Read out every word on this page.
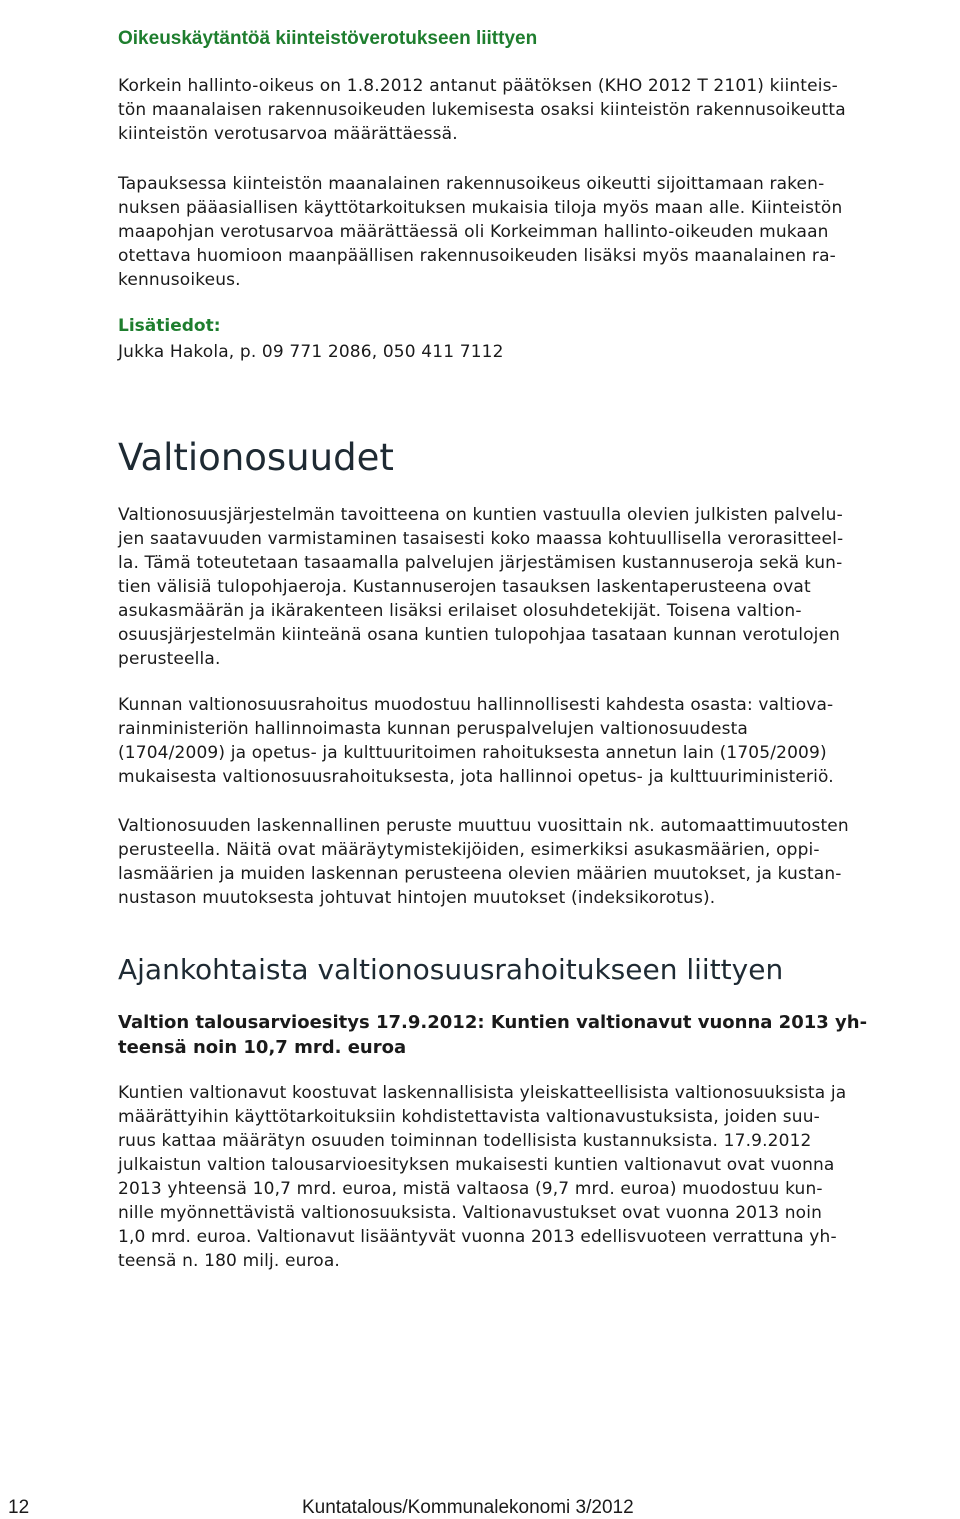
Oikeuskäytäntöä kiinteistöverotukseen liittyen

Korkein hallinto-oikeus on 1.8.2012 antanut päätöksen (KHO 2012 T 2101) kiinteis-
tön maanalaisen rakennusoikeuden lukemisesta osaksi kiinteistön rakennusoikeutta
kiinteistön verotusarvoa määrättäessä.

Tapauksessa kiinteistön maanalainen rakennusoikeus oikeutti sijoittamaan raken-
nuksen pääasiallisen käyttötarkoituksen mukaisia tiloja myös maan alle. Kiinteistön
maapohjan verotusarvoa määrättäessä oli Korkeimman hallinto-oikeuden mukaan
otettava huomioon maanpäällisen rakennusoikeuden lisäksi myös maanalainen ra-
kennusoikeus.

Lisätiedot:

Jukka Hakola, p. 09 771 2086, 050 411 7112

Valtionosuudet

Valtionosuusjärjestelmän tavoitteena on kuntien vastuulla olevien julkisten palvelu-
jen saatavuuden varmistaminen tasaisesti koko maassa kohtuullisella verorasitteel-
la. Tämä toteutetaan tasaamalla palvelujen järjestämisen kustannuseroja sekä kun-
tien välisiä tulopohjaeroja. Kustannuserojen tasauksen laskentaperusteena ovat
asukasmäärän ja ikärakenteen lisäksi erilaiset olosuhdetekijät. Toisena valtion-
osuusjärjestelmän kiinteänä osana kuntien tulopohjaa tasataan kunnan verotulojen
perusteella.

Kunnan valtionosuusrahoitus muodostuu hallinnollisesti kahdesta osasta: valtiova-
rainministeriön hallinnoimasta kunnan peruspalvelujen valtionosuudesta
(1704/2009) ja opetus- ja kulttuuritoimen rahoituksesta annetun lain (1705/2009)
mukaisesta valtionosuusrahoituksesta, jota hallinnoi opetus- ja kulttuuriministeriö.

Valtionosuuden laskennallinen peruste muuttuu vuosittain nk. automaattimuutosten
perusteella. Näitä ovat määräytymistekijöiden, esimerkiksi asukasmäärien, oppi-
lasmäärien ja muiden laskennan perusteena olevien määrien muutokset, ja kustan-
nustason muutoksesta johtuvat hintojen muutokset (indeksikorotus).

Ajankohtaista valtionosuusrahoitukseen liittyen

Valtion talousarvioesitys 17.9.2012: Kuntien valtionavut vuonna 2013 yh-
teensä noin 10,7 mrd. euroa

Kuntien valtionavut koostuvat laskennallisista yleiskatteellisista valtionosuuksista ja
määrättyihin käyttötarkoituksiin kohdistettavista valtionavustuksista, joiden suu-
ruus kattaa määrätyn osuuden toiminnan todellisista kustannuksista. 17.9.2012
julkaistun valtion talousarvioesityksen mukaisesti kuntien valtionavut ovat vuonna
2013 yhteensä 10,7 mrd. euroa, mistä valtaosa (9,7 mrd. euroa) muodostuu kun-
nille myönnettävistä valtionosuuksista. Valtionavustukset ovat vuonna 2013 noin
1,0 mrd. euroa. Valtionavut lisääntyvät vuonna 2013 edellisvuoteen verrattuna yh-
teensä n. 180 milj. euroa.

12	Kuntatalous/Kommunalekonomi 3/2012
